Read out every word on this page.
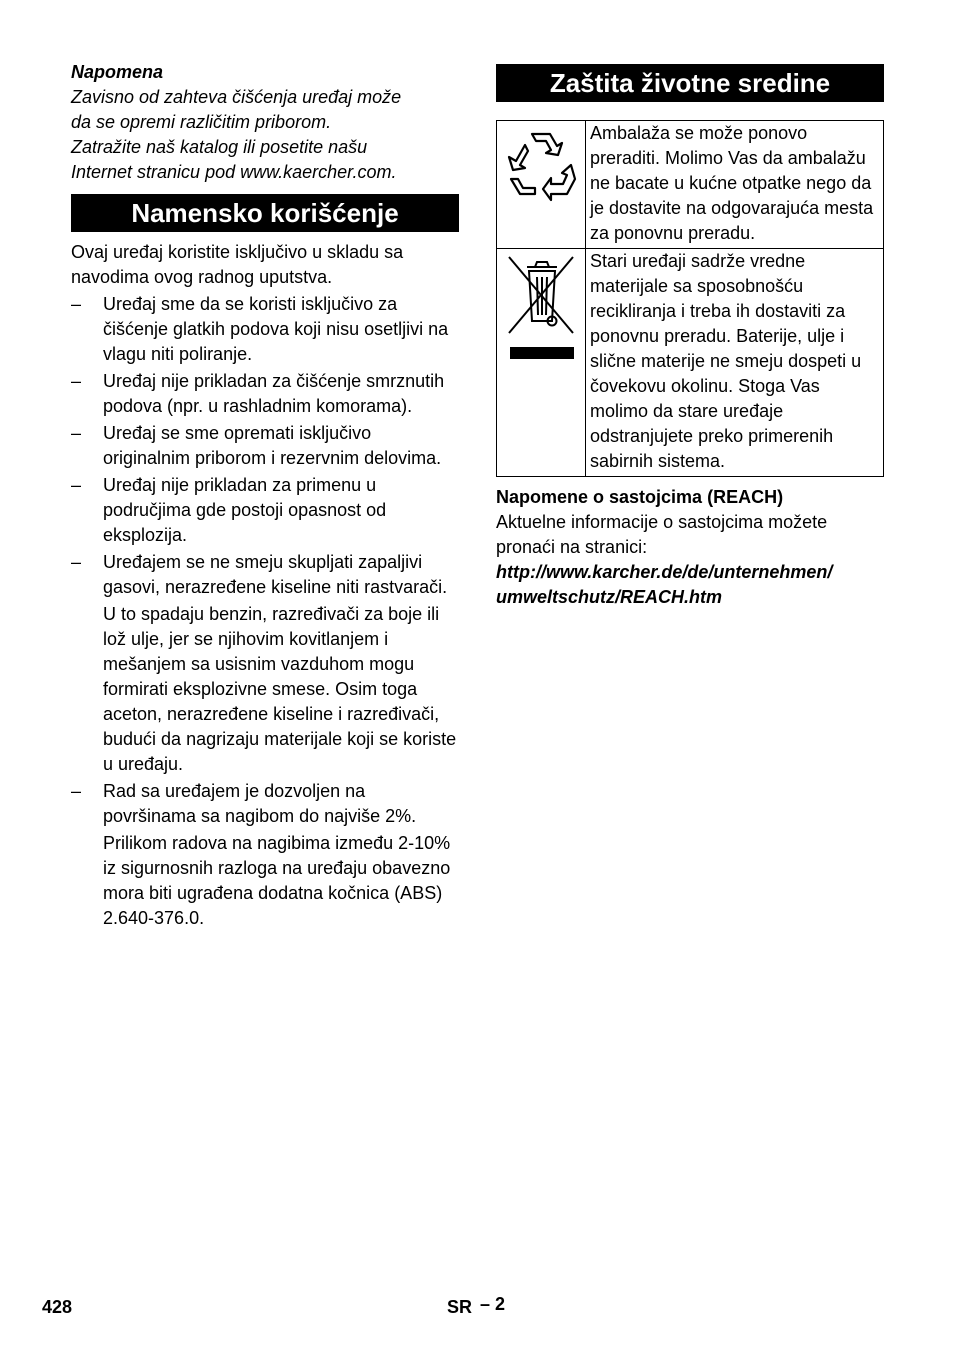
Napomena

Zavisno od zahteva čišćenja uređaj može

da se opremi različitim priborom.

Zatražite naš katalog ili posetite našu

Internet stranicu pod www.kaercher.com.

Namensko korišćenje

Ovaj uređaj koristite isključivo u skladu sa navodima ovog radnog uputstva.

–	Uređaj sme da se koristi isključivo za čišćenje glatkih podova koji nisu osetljivi na vlagu niti poliranje.
–	Uređaj nije prikladan za čišćenje smrznutih podova (npr. u rashladnim komorama).
–	Uređaj se sme opremati isključivo originalnim priborom i rezervnim delovima.
–	Uređaj nije prikladan za primenu u područjima gde postoji opasnost od eksplozija.
–	Uređajem se ne smeju skupljati zapaljivi gasovi, nerazređene kiseline niti rastvarači.
U to spadaju benzin, razređivači za boje ili lož ulje, jer se njihovim kovitlanjem i mešanjem sa usisnim vazduhom mogu formirati eksplozivne smese. Osim toga aceton, nerazređene kiseline i razređivači, budući da nagrizaju materijale koji se koriste u uređaju.
–	Rad sa uređajem je dozvoljen na površinama sa nagibom do najviše 2%.
Prilikom radova na nagibima između 2-10% iz sigurnosnih razloga na uređaju obavezno mora biti ugrađena dodatna kočnica (ABS) 2.640-376.0.
Zaštita životne sredine
	Ambalaža se može ponovo preraditi. Molimo Vas da ambalažu ne bacate u kućne otpatke nego da je dostavite na odgovarajuća mesta za ponovnu preradu.
	Stari uređaji sadrže vredne materijale sa sposobnošću recikliranja i treba ih dostaviti za ponovnu preradu. Baterije, ulje i slične materije ne smeju dospeti u čovekovu okolinu. Stoga Vas molimo da stare uređaje odstranjujete preko primerenih sabirnih sistema.
Napomene o sastojcima (REACH)

Aktuelne informacije o sastojcima možete pronaći na stranici:

http://www.karcher.de/de/unternehmen/
umweltschutz/REACH.htm
428	SR – 2
